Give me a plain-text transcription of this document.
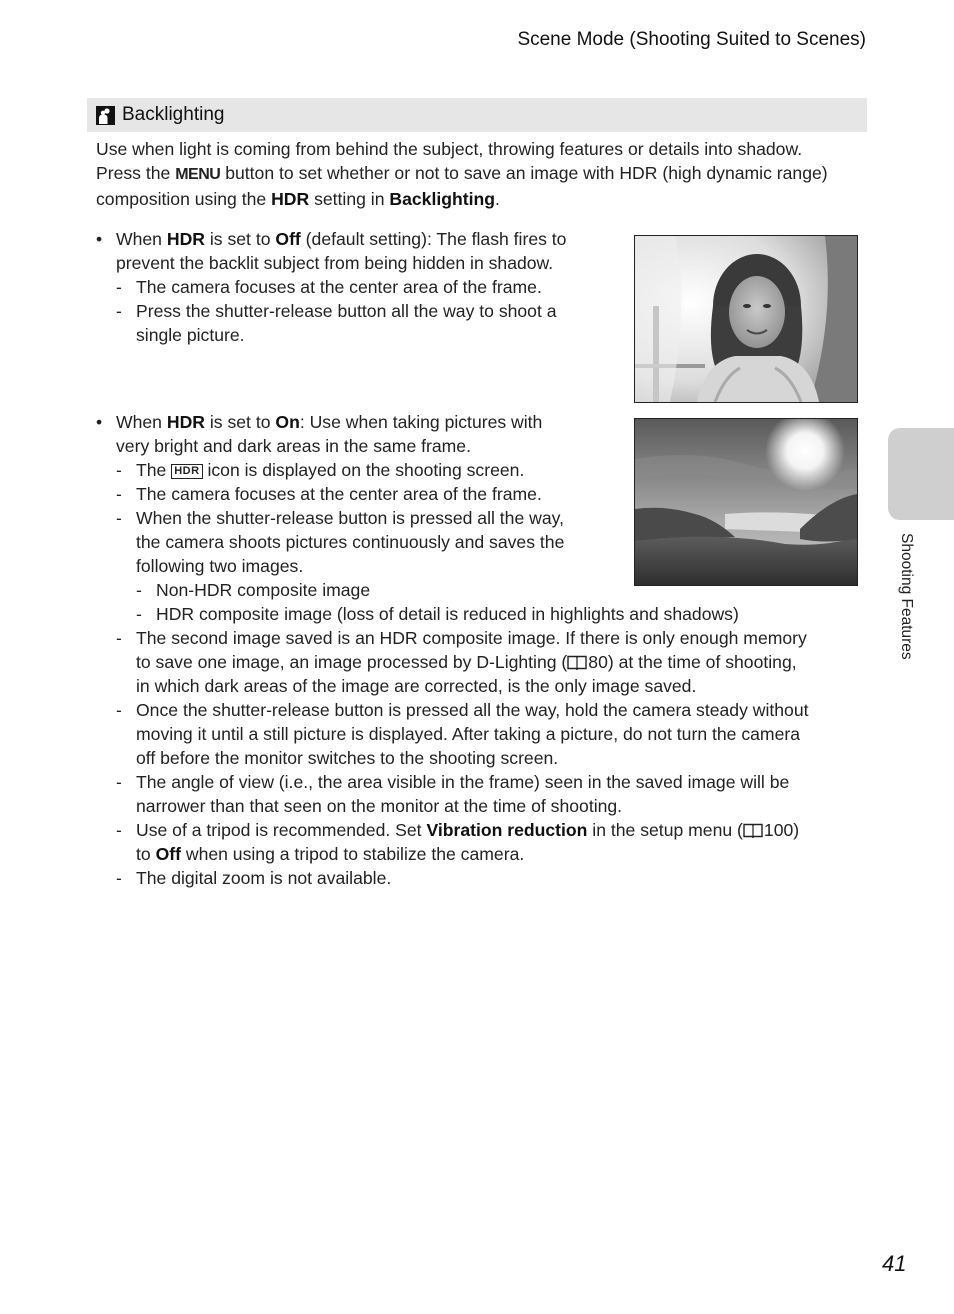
Scene Mode (Shooting Suited to Scenes)
Backlighting
Use when light is coming from behind the subject, throwing features or details into shadow.
Press the MENU button to set whether or not to save an image with HDR (high dynamic range)
composition using the HDR setting in Backlighting.
• When HDR is set to Off (default setting): The flash fires to
prevent the backlit subject from being hidden in shadow.
- The camera focuses at the center area of the frame.
- Press the shutter-release button all the way to shoot a
single picture.
• When HDR is set to On: Use when taking pictures with
very bright and dark areas in the same frame.
- The HDR icon is displayed on the shooting screen.
- The camera focuses at the center area of the frame.
- When the shutter-release button is pressed all the way,
the camera shoots pictures continuously and saves the
following two images.
- Non-HDR composite image
- HDR composite image (loss of detail is reduced in highlights and shadows)
- The second image saved is an HDR composite image. If there is only enough memory
to save one image, an image processed by D-Lighting ( 80) at the time of shooting,
in which dark areas of the image are corrected, is the only image saved.
- Once the shutter-release button is pressed all the way, hold the camera steady without
moving it until a still picture is displayed. After taking a picture, do not turn the camera
off before the monitor switches to the shooting screen.
- The angle of view (i.e., the area visible in the frame) seen in the saved image will be
narrower than that seen on the monitor at the time of shooting.
- Use of a tripod is recommended. Set Vibration reduction in the setup menu ( 100)
to Off when using a tripod to stabilize the camera.
- The digital zoom is not available.
Shooting Features
41
